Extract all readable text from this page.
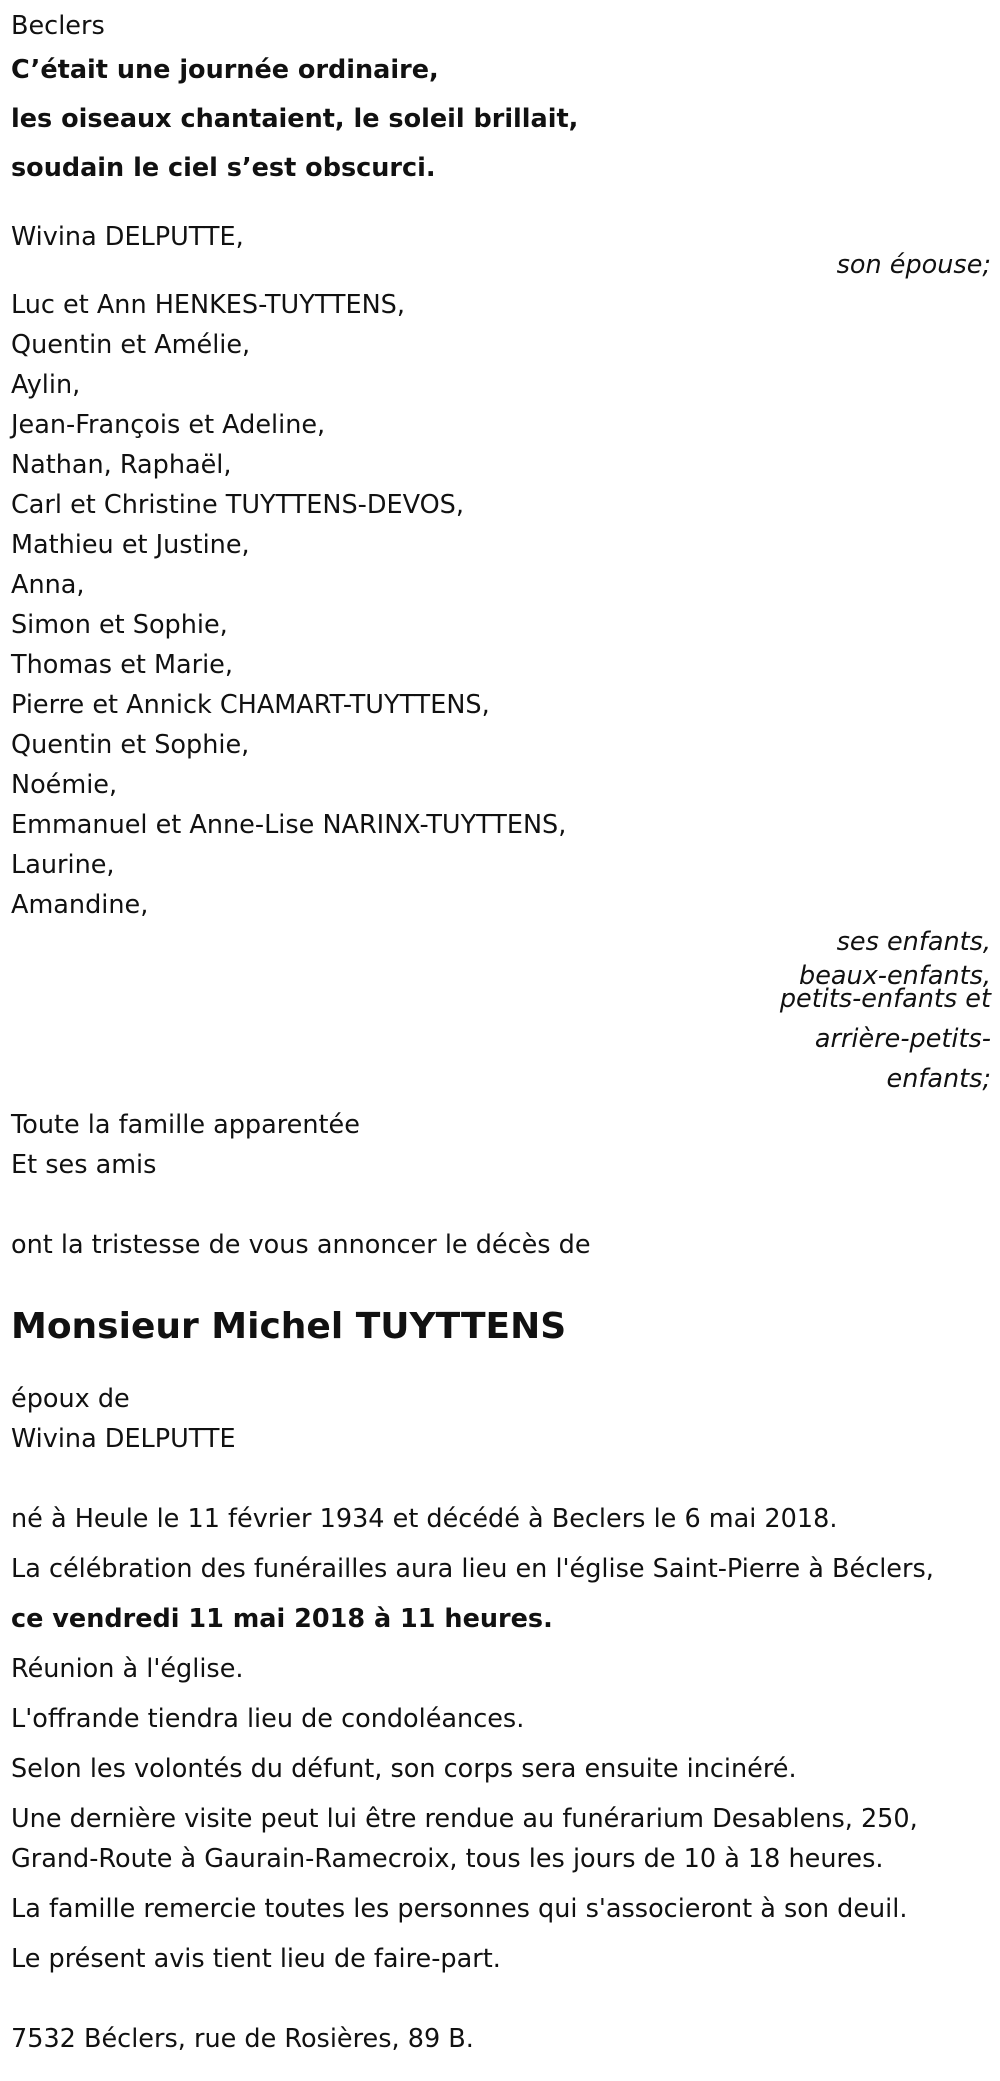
Beclers
C’était une journée ordinaire,
les oiseaux chantaient, le soleil brillait,
soudain le ciel s’est obscurci.
Wivina DELPUTTE,
son épouse;
Luc et Ann HENKES-TUYTTENS,
Quentin et Amélie,
Aylin,
Jean-François et Adeline,
Nathan, Raphaël,
Carl et Christine TUYTTENS-DEVOS,
Mathieu et Justine,
Anna,
Simon et Sophie,
Thomas et Marie,
Pierre et Annick CHAMART-TUYTTENS,
Quentin et Sophie,
Noémie,
Emmanuel et Anne-Lise NARINX-TUYTTENS,
Laurine,
Amandine,
ses enfants, beaux-enfants,
petits-enfants et arrière-petits-enfants;
Toute la famille apparentée
Et ses amis
ont la tristesse de vous annoncer le décès de
Monsieur Michel TUYTTENS
époux de
Wivina DELPUTTE
né à Heule le 11 février 1934 et décédé à Beclers le 6 mai 2018.
La célébration des funérailles aura lieu en l'église Saint-Pierre à Béclers,
ce vendredi 11 mai 2018 à 11 heures.
Réunion à l'église.
L'offrande tiendra lieu de condoléances.
Selon les volontés du défunt, son corps sera ensuite incinéré.
Une dernière visite peut lui être rendue au funérarium Desablens, 250, Grand-Route à Gaurain-Ramecroix, tous les jours de 10 à 18 heures.
La famille remercie toutes les personnes qui s'associeront à son deuil.
Le présent avis tient lieu de faire-part.
7532 Béclers, rue de Rosières, 89 B.
